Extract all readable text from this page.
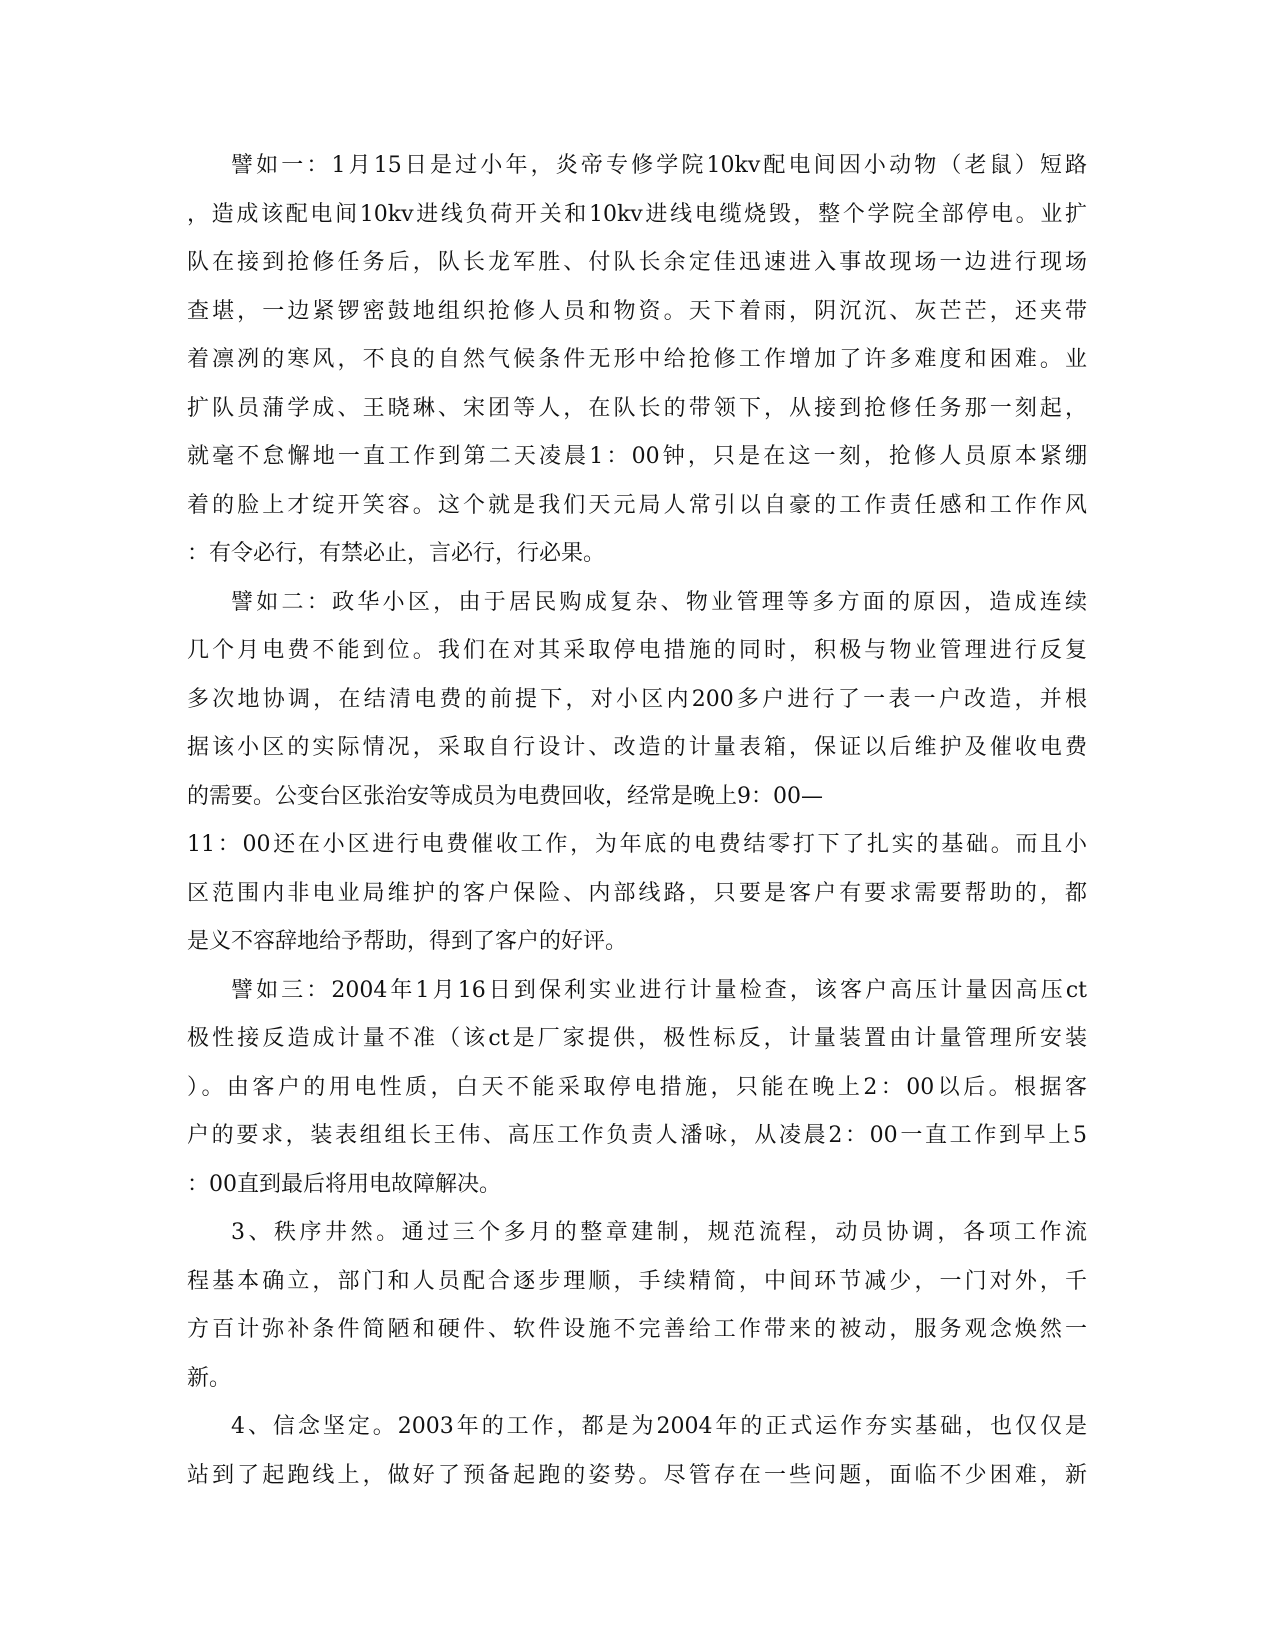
譬如一：1月15日是过小年，炎帝专修学院10kv配电间因小动物（老鼠）短路
，造成该配电间10kv进线负荷开关和10kv进线电缆烧毁，整个学院全部停电。业扩
队在接到抢修任务后，队长龙军胜、付队长余定佳迅速进入事故现场一边进行现场
查堪，一边紧锣密鼓地组织抢修人员和物资。天下着雨，阴沉沉、灰芒芒，还夹带
着凛冽的寒风，不良的自然气候条件无形中给抢修工作增加了许多难度和困难。业
扩队员蒲学成、王晓琳、宋团等人，在队长的带领下，从接到抢修任务那一刻起，
就毫不怠懈地一直工作到第二天凌晨1：00钟，只是在这一刻，抢修人员原本紧绷
着的脸上才绽开笑容。这个就是我们天元局人常引以自豪的工作责任感和工作作风
：有令必行，有禁必止，言必行，行必果。
譬如二：政华小区，由于居民购成复杂、物业管理等多方面的原因，造成连续
几个月电费不能到位。我们在对其采取停电措施的同时，积极与物业管理进行反复
多次地协调，在结清电费的前提下，对小区内200多户进行了一表一户改造，并根
据该小区的实际情况，采取自行设计、改造的计量表箱，保证以后维护及催收电费
的需要。公变台区张治安等成员为电费回收，经常是晚上9：00—
11：00还在小区进行电费催收工作，为年底的电费结零打下了扎实的基础。而且小
区范围内非电业局维护的客户保险、内部线路，只要是客户有要求需要帮助的，都
是义不容辞地给予帮助，得到了客户的好评。
譬如三：2004年1月16日到保利实业进行计量检查，该客户高压计量因高压ct
极性接反造成计量不准（该ct是厂家提供，极性标反，计量装置由计量管理所安装
）。由客户的用电性质，白天不能采取停电措施，只能在晚上2：00以后。根据客
户的要求，装表组组长王伟、高压工作负责人潘咏，从凌晨2：00一直工作到早上5
：00直到最后将用电故障解决。
3、秩序井然。通过三个多月的整章建制，规范流程，动员协调，各项工作流
程基本确立，部门和人员配合逐步理顺，手续精简，中间环节减少，一门对外，千
方百计弥补条件简陋和硬件、软件设施不完善给工作带来的被动，服务观念焕然一
新。
4、信念坚定。2003年的工作，都是为2004年的正式运作夯实基础，也仅仅是
站到了起跑线上，做好了预备起跑的姿势。尽管存在一些问题，面临不少困难，新
